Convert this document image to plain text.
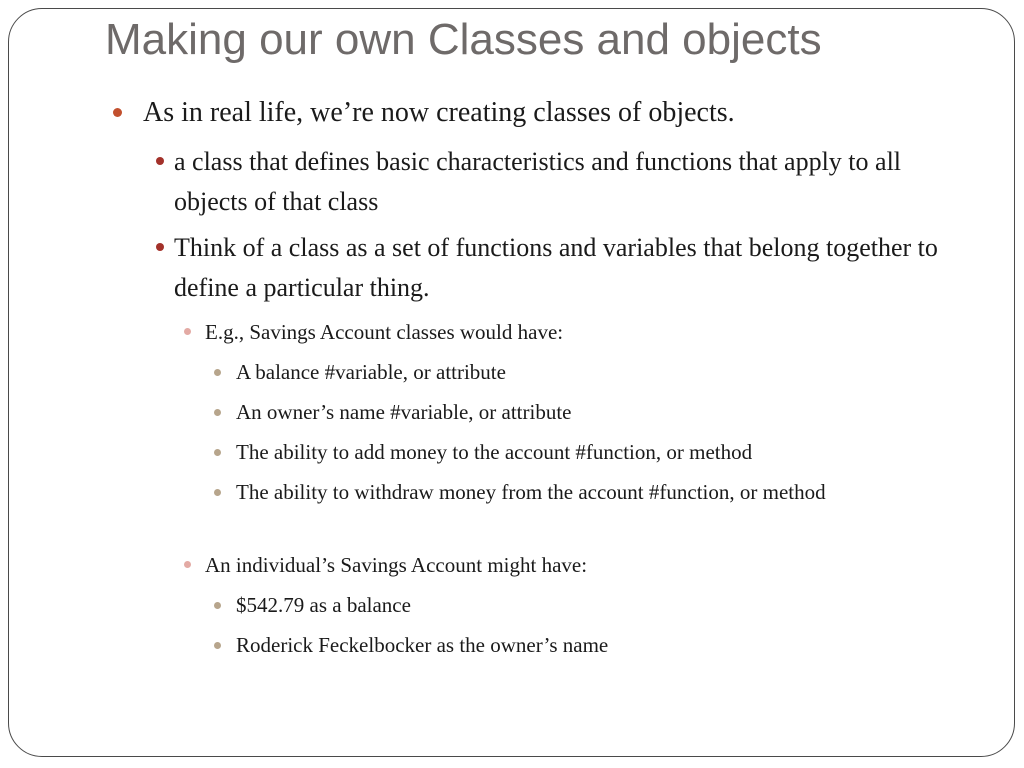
Making our own Classes and objects
As in real life, we’re now creating classes of objects.
a class that defines basic characteristics and functions that apply to all objects of that class
Think of a class as a set of functions and variables that belong together to define a particular thing.
E.g., Savings Account classes would have:
A balance #variable, or attribute
An owner’s name #variable, or attribute
The ability to add money to the account #function, or method
The ability to withdraw money from the account #function, or method
An individual’s Savings Account might have:
$542.79 as a balance
Roderick Feckelbocker as the owner’s name
